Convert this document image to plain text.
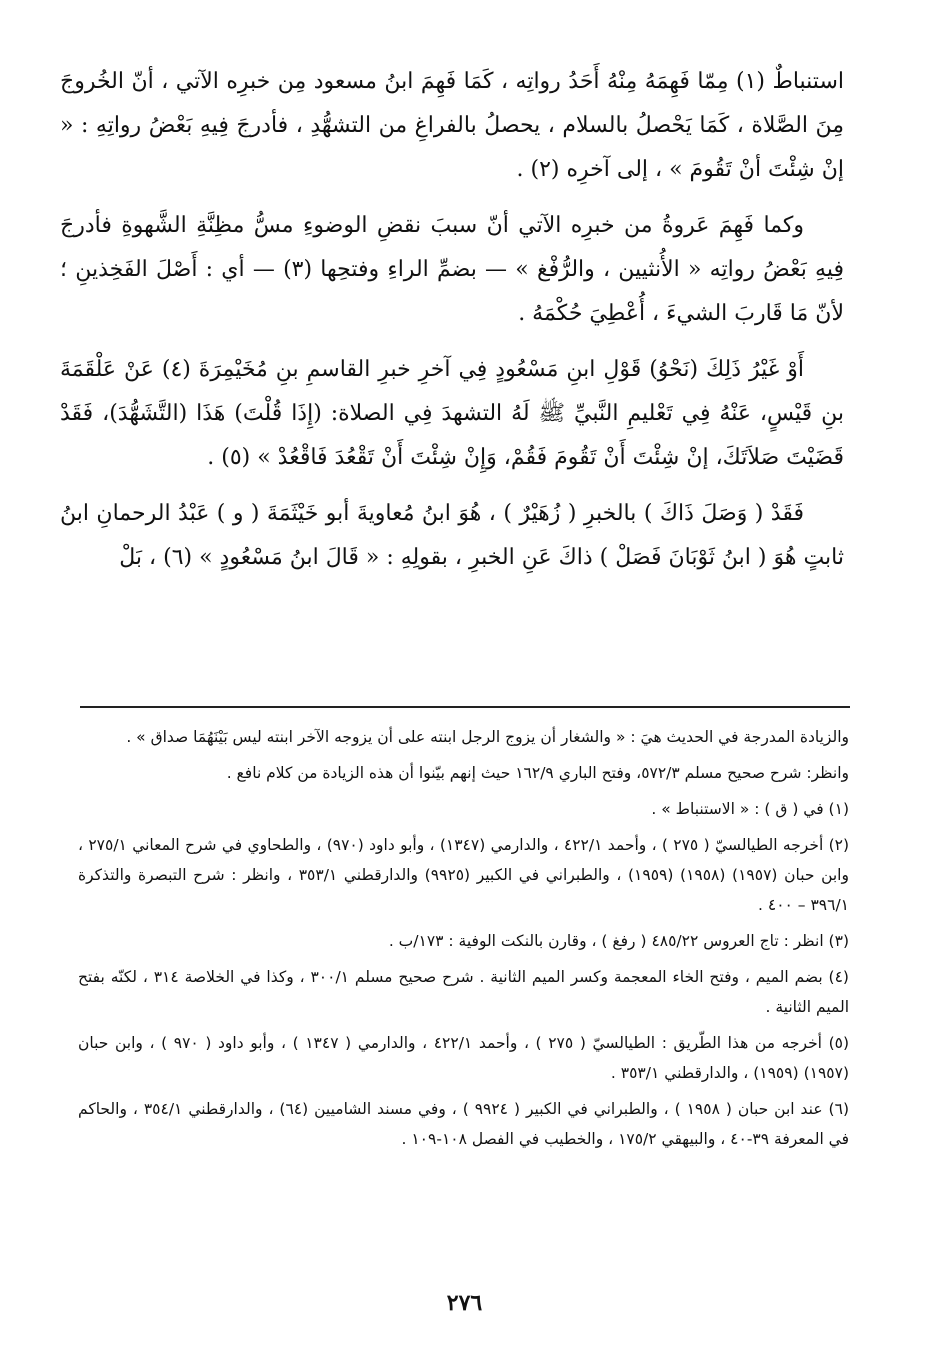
استنباطٌ (١) مِمّا فَهِمَهُ مِنْهُ أَحَدُ رواتِه ، كَمَا فَهِمَ ابنُ مسعود مِن خبرِه الآتي ، أنّ الخُروجَ مِنَ الصَّلاة ، كَمَا يَحْصلُ بالسلام ، يحصلُ بالفراغِ من التشهُّدِ ، فأدرجَ فِيهِ بَعْضُ رواتِهِ : « إنْ شِئْتَ أنْ تَقُومَ » ، إلى آخرِه (٢) .

وكما فَهِمَ عَروةُ من خبرِه الآتي أنّ سببَ نقضِ الوضوءِ مسُّ مظِنَّةِ الشَّهوةِ فأدرجَ فِيهِ بَعْضُ رواتِه « الأُنثيين ، والرُّفْغ » — بضمِّ الراءِ وفتحِها (٣) — أي : أَصْلَ الفَخِذينِ ؛ لأنّ مَا قَاربَ الشيءَ ، أُعْطِيَ حُكْمَهُ .

أَوْ غَيْرُ ذَلِكَ (نَحْوُ) قَوْلِ ابنِ مَسْعُودٍ فِي آخرِ خبرِ القاسمِ بنِ مُخَيْمِرَةَ (٤) عَنْ عَلْقَمَةَ بنِ قَيْسٍ، عَنْهُ فِي تَعْليمِ النَّبيِّ ﷺ لَهُ التشهدَ فِي الصلاة: (إِذَا قُلْتَ) هَذَا (التَّشَهُّدَ)، فَقَدْ قَضَيْتَ صَلاَتَكَ، إنْ شِئْتَ أَنْ تَقُومَ فَقُمْ، وَإِنْ شِئْتَ أَنْ تَقْعُدَ فَاقْعُدْ » (٥) .

فَقَدْ ( وَصَلَ ذَاكَ ) بالخبرِ ( زُهَيْرٌ ) ، هُوَ ابنُ مُعاويةَ أبو خَيْثَمَةَ ( و ) عَبْدُ الرحمانِ ابنُ ثابتٍ هُوَ ( ابنُ ثَوْبَانَ فَصَلْ ) ذاكَ عَنِ الخبرِ ، بقولِهِ : « قَالَ ابنُ مَسْعُودٍ » (٦) ، بَلْ

والزيادة المدرجة في الحديث هيَ : « والشغار أن يزوج الرجل ابنته على أن يزوجه الآخر ابنته ليس بَيْنَهُمَا صداق » .

وانظر: شرح صحيح مسلم ٥٧٢/٣، وفتح الباري ١٦٢/٩ حيث إنهم بيّنوا أن هذه الزيادة من كلام نافع .

(١) في ( ق ) : « الاستنباط » .

(٢) أخرجه الطيالسيّ ( ٢٧٥ ) ، وأحمد ٤٢٢/١ ، والدارمي (١٣٤٧) ، وأبو داود (٩٧٠) ، والطحاوي في شرح المعاني ٢٧٥/١ ، وابن حبان (١٩٥٧) (١٩٥٨) (١٩٥٩) ، والطبراني في الكبير (٩٩٢٥) والدارقطني ٣٥٣/١ ، وانظر : شرح التبصرة والتذكرة ٣٩٦/١ – ٤٠٠ .

(٣) انظر : تاج العروس ٤٨٥/٢٢ ( رفغ ) ، وقارن بالنكت الوفية : ١٧٣/ب .

(٤) بضم الميم ، وفتح الخاء المعجمة وكسر الميم الثانية . شرح صحيح مسلم ٣٠٠/١ ، وكذا في الخلاصة ٣١٤ ، لكنّه بفتح الميم الثانية .

(٥) أخرجه من هذا الطّريق : الطيالسيّ ( ٢٧٥ ) ، وأحمد ٤٢٢/١ ، والدارمي ( ١٣٤٧ ) ، وأبو داود ( ٩٧٠ ) ، وابن حبان (١٩٥٧) (١٩٥٩) ، والدارقطني ٣٥٣/١ .

(٦) عند ابن حبان ( ١٩٥٨ ) ، والطبراني في الكبير ( ٩٩٢٤ ) ، وفي مسند الشاميين (٦٤) ، والدارقطني ٣٥٤/١ ، والحاكم في المعرفة ٣٩-٤٠ ، والبيهقي ١٧٥/٢ ، والخطيب في الفصل ١٠٨-١٠٩ .

٢٧٦
